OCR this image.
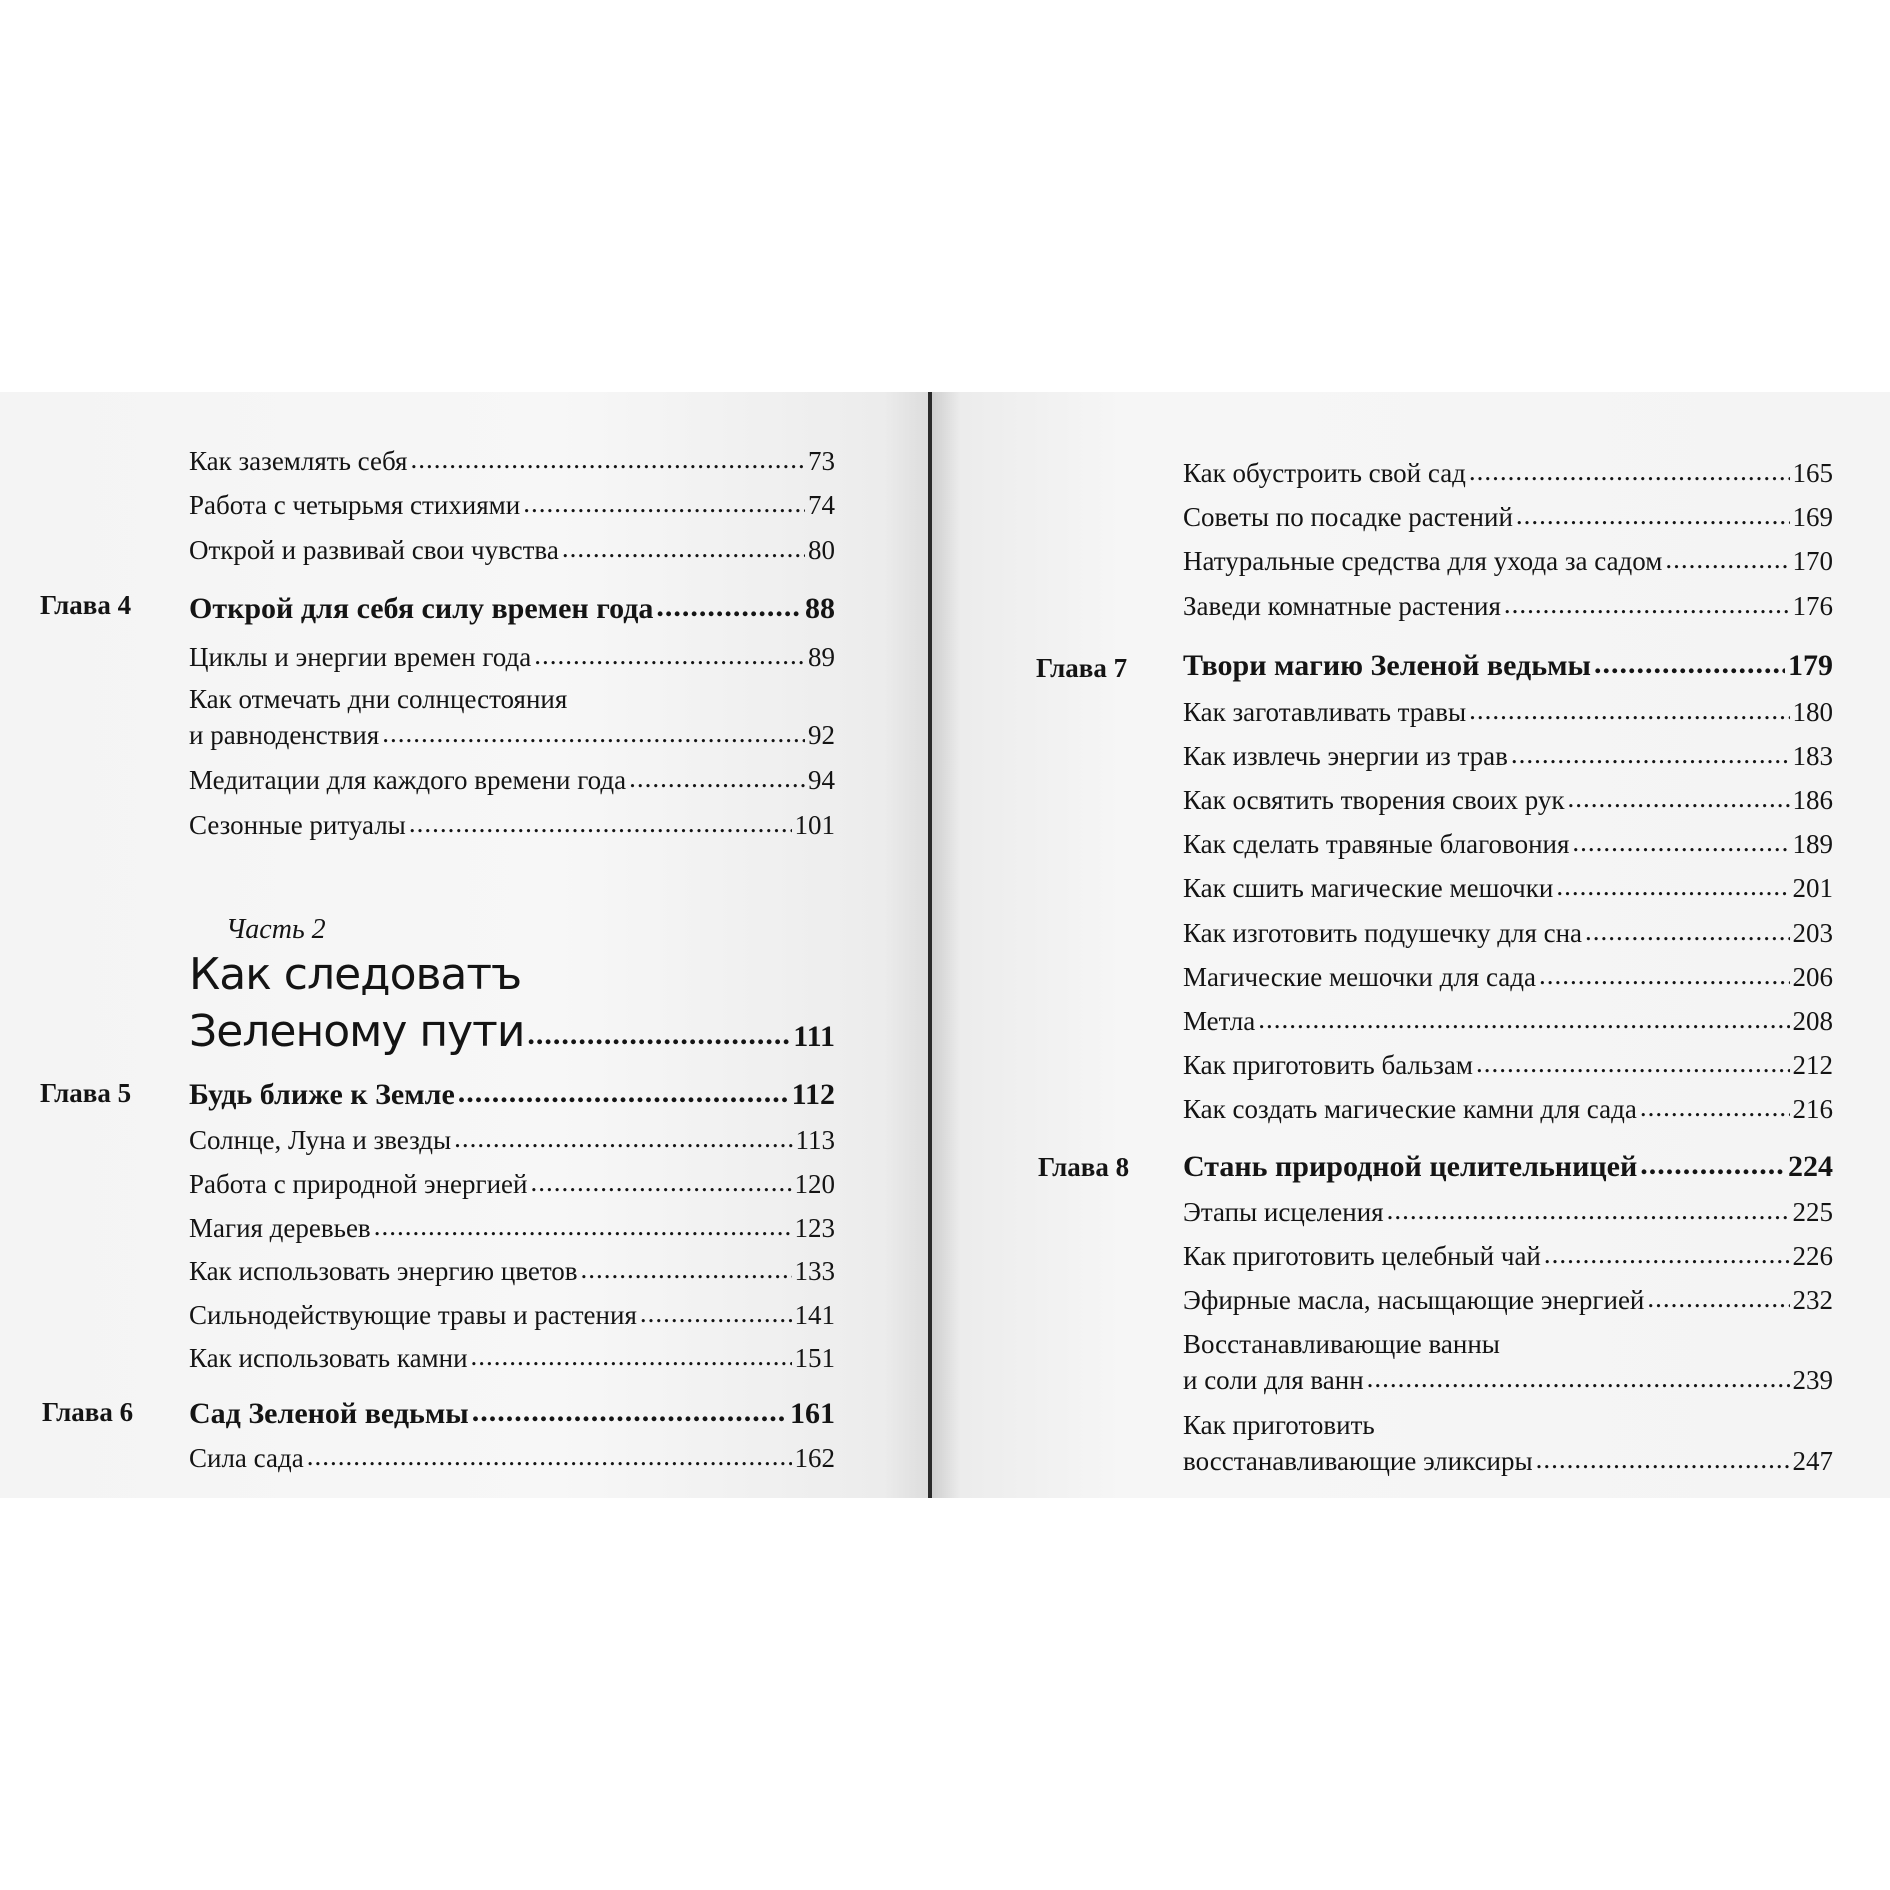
Как заземлять себя .....	73
Работа с четырьмя стихиями .....	74
Открой и развивай свои чувства .....	80
Глава 4 Открой для себя силу времен года .....	88
Циклы и энергии времен года .....	89
Как отмечать дни солнцестояния
и равноденствия .....	92
Медитации для каждого времени года .....	94
Сезонные ритуалы .....	101
Часть 2
Как следоватъ
Зеленому пути .....	111
Глава 5 Будь ближе к Земле .....	112
Солнце, Луна и звезды .....	113
Работа с природной энергией .....	120
Магия деревьев .....	123
Как использовать энергию цветов .....	133
Сильнодействующие травы и растения .....	141
Как использовать камни .....	151
Глава 6 Сад Зеленой ведьмы .....	161
Сила сада .....	162
Как обустроить свой сад .....	165
Советы по посадке растений .....	169
Натуральные средства для ухода за садом .....	170
Заведи комнатные растения .....	176
Глава 7 Твори магию Зеленой ведьмы .....	179
Как заготавливать травы .....	180
Как извлечь энергии из трав .....	183
Как освятить творения своих рук .....	186
Как сделать травяные благовония .....	189
Как сшить магические мешочки .....	201
Как изготовить подушечку для сна .....	203
Магические мешочки для сада .....	206
Метла .....	208
Как приготовить бальзам .....	212
Как создать магические камни для сада .....	216
Глава 8 Стань природной целительницей .....	224
Этапы исцеления .....	225
Как приготовить целебный чай .....	226
Эфирные масла, насыщающие энергией .....	232
Восстанавливающие ванны
и соли для ванн .....	239
Как приготовить
восстанавливающие эликсиры .....	247
